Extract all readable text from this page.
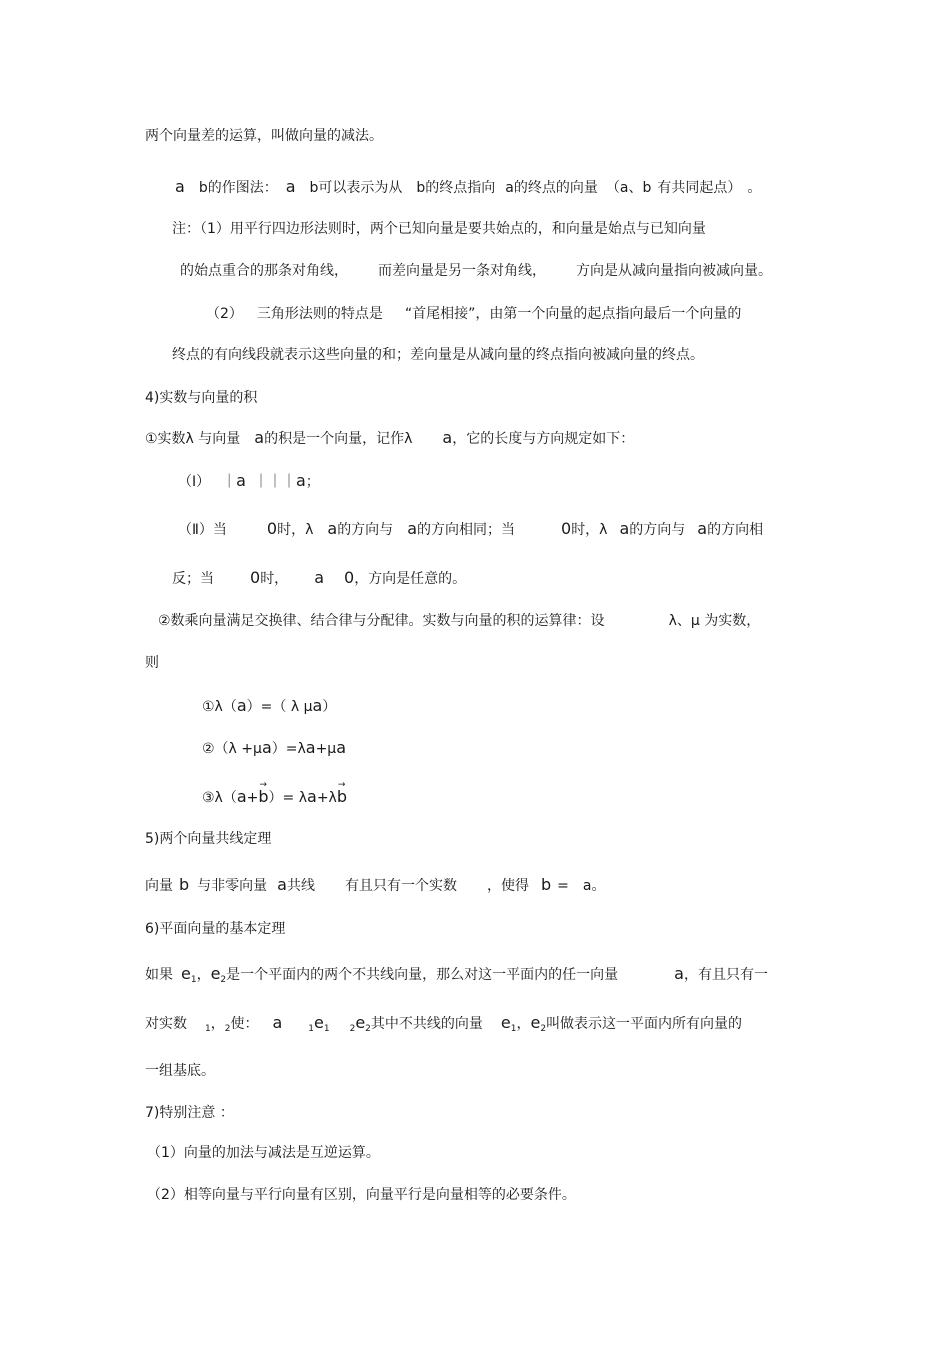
两个向量差的运算，叫做向量的减法。
a b的作图法： a b可以表示为从 b的终点指向 a的终点的向量 （a、b 有共同起点） 。
注：（1）用平行四边形法则时，两个已知向量是要共始点的，和向量是始点与已知向量
的始点重合的那条对角线， 而差向量是另一条对角线， 方向是从减向量指向被减向量。
（2） 三角形法则的特点是 “首尾相接”，由第一个向量的起点指向最后一个向量的
终点的有向线段就表示这些向量的和；差向量是从减向量的终点指向被减向量的终点。
4)实数与向量的积
①实数λ 与向量 a的积是一个向量，记作λ a，它的长度与方向规定如下：
（Ⅰ） ｜a ｜｜｜a；
（Ⅱ）当	0时，λ a的方向与 a的方向相同；当	0时，λ a的方向与 a的方向相
反；当 0时， a 0，方向是任意的。
②数乘向量满足交换律、结合律与分配律。实数与向量的积的运算律：设	λ、μ 为实数，
则
①λ（a）=（ λ μa）
②（λ +μa）=λa+μa
③λ（a+→ b）= λa+λ→ b
5)两个向量共线定理
向量 b 与非零向量 a共线 有且只有一个实数 ，使得 b = a。
6)平面向量的基本定理
如果 e1，e2是一个平面内的两个不共线向量，那么对这一平面内的任一向量	a，有且只有一
对实数 1，2使： a	1e1 2e2其中不共线的向量 e1，e2叫做表示这一平面内所有向量的
一组基底。
7)特别注意 ：
（1）向量的加法与减法是互逆运算。
（2）相等向量与平行向量有区别，向量平行是向量相等的必要条件。
